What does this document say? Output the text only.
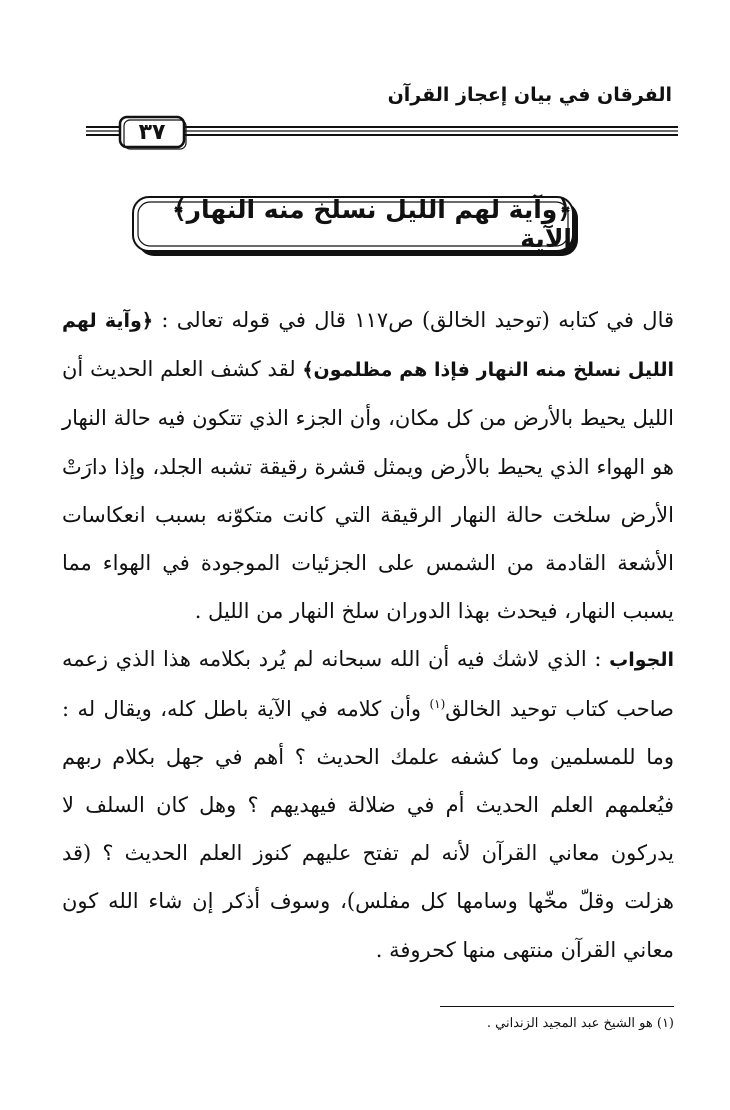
الفرقان في بيان إعجاز القرآن
٣٧
﴿وآية لهم الليل نسلخ منه النهار﴾ الآية

قال في كتابه (توحيد الخالق) ص١١٧ قال في قوله تعالى : ﴿وآية لهم الليل نسلخ منه النهار فإذا هم مظلمون﴾ لقد كشف العلم الحديث أن الليل يحيط بالأرض من كل مكان، وأن الجزء الذي تتكون فيه حالة النهار هو الهواء الذي يحيط بالأرض ويمثل قشرة رقيقة تشبه الجلد، وإذا دارَتْ الأرض سلخت حالة النهار الرقيقة التي كانت متكوّنه بسبب انعكاسات الأشعة القادمة من الشمس على الجزئيات الموجودة في الهواء مما يسبب النهار، فيحدث بهذا الدوران سلخ النهار من الليل .

الجواب : الذي لاشك فيه أن الله سبحانه لم يُرد بكلامه هذا الذي زعمه صاحب كتاب توحيد الخالق$^{(١)}$ وأن كلامه في الآية باطل كله، ويقال له : وما للمسلمين وما كشفه علمك الحديث ؟ أهم في جهل بكلام ربهم فيُعلمهم العلم الحديث أم في ضلالة فيهديهم ؟ وهل كان السلف لا يدركون معاني القرآن لأنه لم تفتح عليهم كنوز العلم الحديث ؟ (قد هزلت وقلّ مخّها وسامها كل مفلس)، وسوف أذكر إن شاء الله كون معاني القرآن منتهى منها كحروفة .

(١) هو الشيخ عبد المجيد الزنداني .
